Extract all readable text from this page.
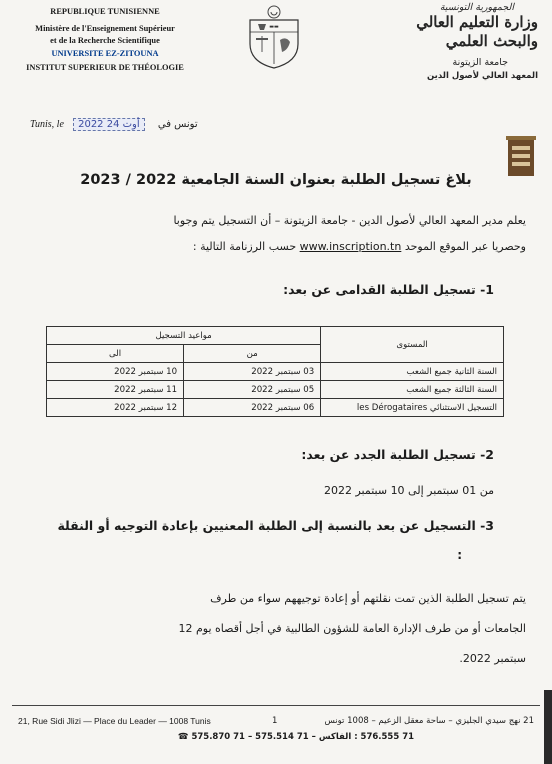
REPUBLIQUE TUNISIENNE
Ministère de l'Enseignement Supérieur
et de la Recherche Scientifique
UNIVERSITE EZ-ZITOUNA
INSTITUT SUPERIEUR DE THÉOLOGIE
▬▬
الجمهورية التونسية
وزارة التعليم العالي
والبحث العلمي
جامعة الزيتونة
المعهد العالي لأصول الدين
Tunis, le 2022 أوت 24 تونس في
بلاغ تسجيل الطلبة بعنوان السنة الجامعية 2022 / 2023
يعلم مدير المعهد العالي لأصول الدين - جامعة الزيتونة – أن التسجيل يتم وجوبا
وحصريا عبر الموقع الموحد www.inscription.tn حسب الرزنامة التالية :
1- تسجيل الطلبة القدامى عن بعد:
المستوى	مواعيد التسجيل	
	من	الى
السنة الثانية جميع الشعب	03 سبتمبر 2022	10 سبتمبر 2022
السنة الثالثة جميع الشعب	05 سبتمبر 2022	11 سبتمبر 2022
التسجيل الاستثنائي les Dérogataires	06 سبتمبر 2022	12 سبتمبر 2022
2- تسجيل الطلبة الجدد عن بعد:
من 01 سبتمبر إلى 10 سبتمبر 2022
3- التسجيل عن بعد بالنسبة إلى الطلبة المعنيين بإعادة التوجيه أو النقلة
:
يتم تسجيل الطلبة الذين تمت نقلتهم أو إعادة توجيههم سواء من طرف
الجامعات أو من طرف الإدارة العامة للشؤون الطالبية في أجل أقصاه يوم 12
سبتمبر 2022.
21, Rue Sidi Jlizi — Place du Leader — 1008 Tunis	1	21 نهج سيدي الجليزي – ساحة معقل الزعيم – 1008 تونس
71 576.555 : الفاكس – 71 575.514 – 71 575.870 ☎
